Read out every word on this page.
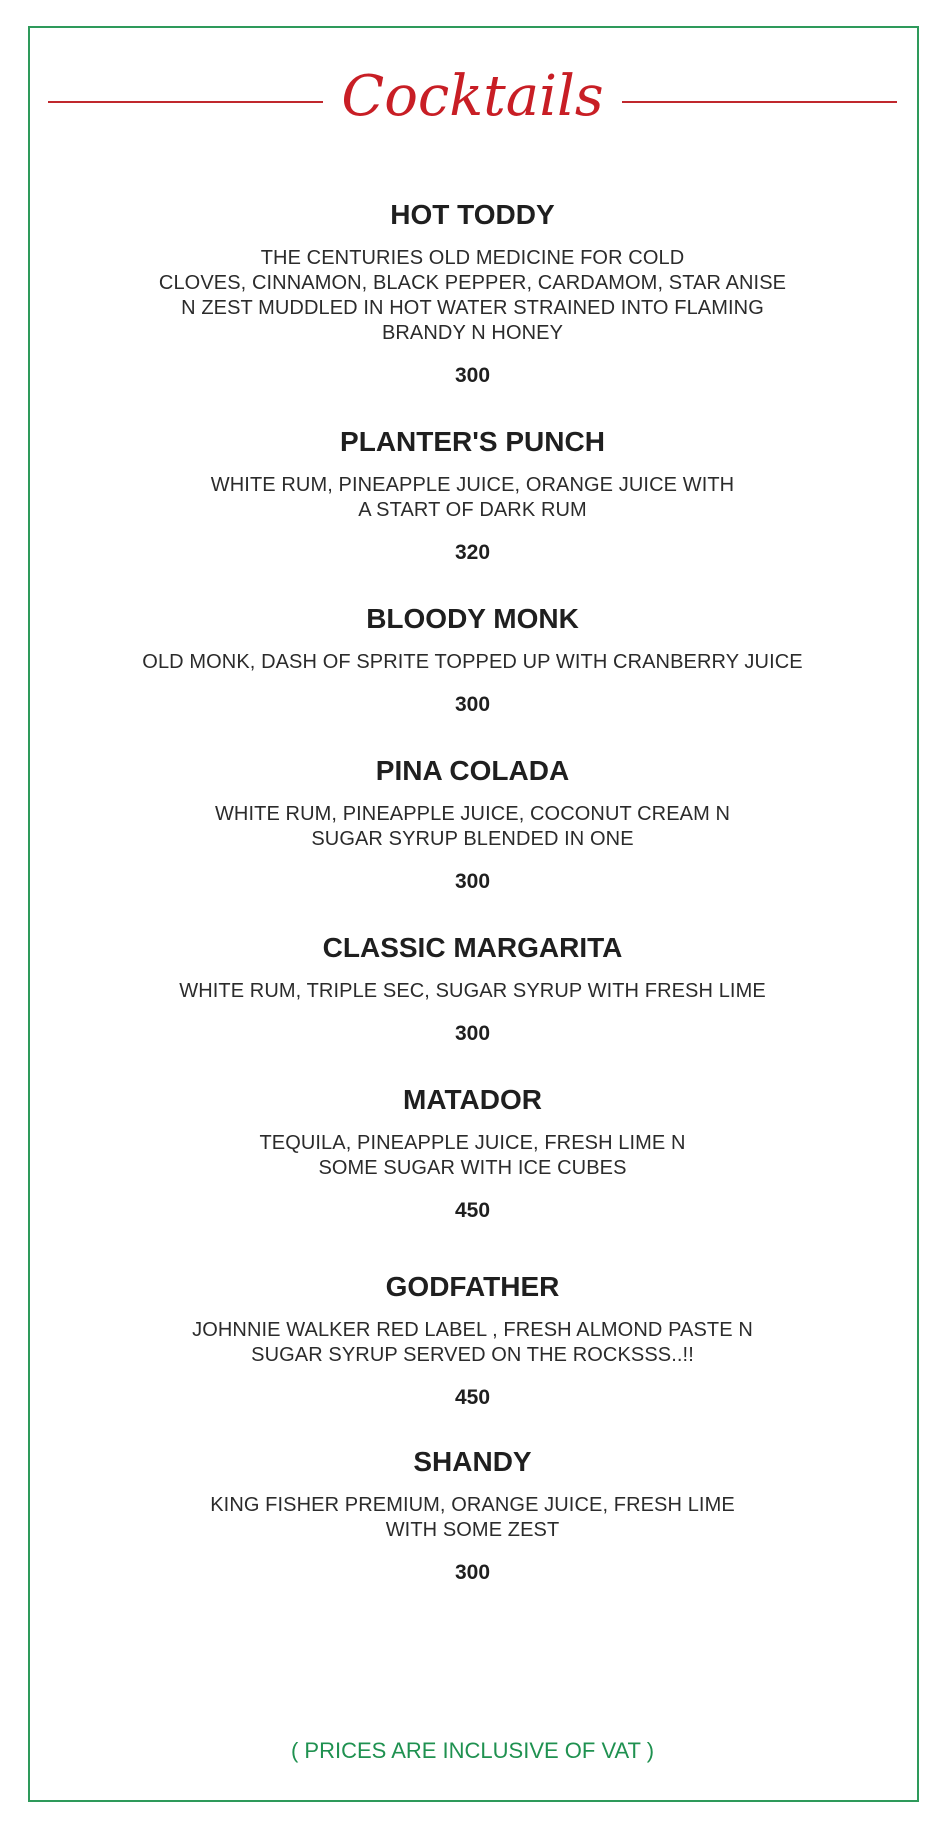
Cocktails
HOT TODDY
THE CENTURIES OLD MEDICINE FOR COLD
CLOVES, CINNAMON, BLACK PEPPER, CARDAMOM, STAR ANISE
N ZEST MUDDLED IN HOT WATER STRAINED INTO FLAMING
BRANDY N HONEY
300
PLANTER'S PUNCH
WHITE RUM, PINEAPPLE JUICE, ORANGE JUICE WITH
A START OF DARK RUM
320
BLOODY MONK
OLD MONK, DASH OF SPRITE TOPPED UP WITH CRANBERRY JUICE
300
PINA COLADA
WHITE RUM, PINEAPPLE JUICE, COCONUT CREAM N
SUGAR SYRUP BLENDED IN ONE
300
CLASSIC MARGARITA
WHITE RUM, TRIPLE SEC, SUGAR SYRUP WITH FRESH LIME
300
MATADOR
TEQUILA, PINEAPPLE JUICE, FRESH LIME N
SOME SUGAR WITH ICE CUBES
450
GODFATHER
JOHNNIE WALKER RED LABEL , FRESH ALMOND PASTE N
SUGAR SYRUP SERVED ON THE ROCKSSS..!!
450
SHANDY
KING FISHER PREMIUM, ORANGE JUICE, FRESH LIME
WITH SOME ZEST
300
( PRICES ARE INCLUSIVE OF VAT )
